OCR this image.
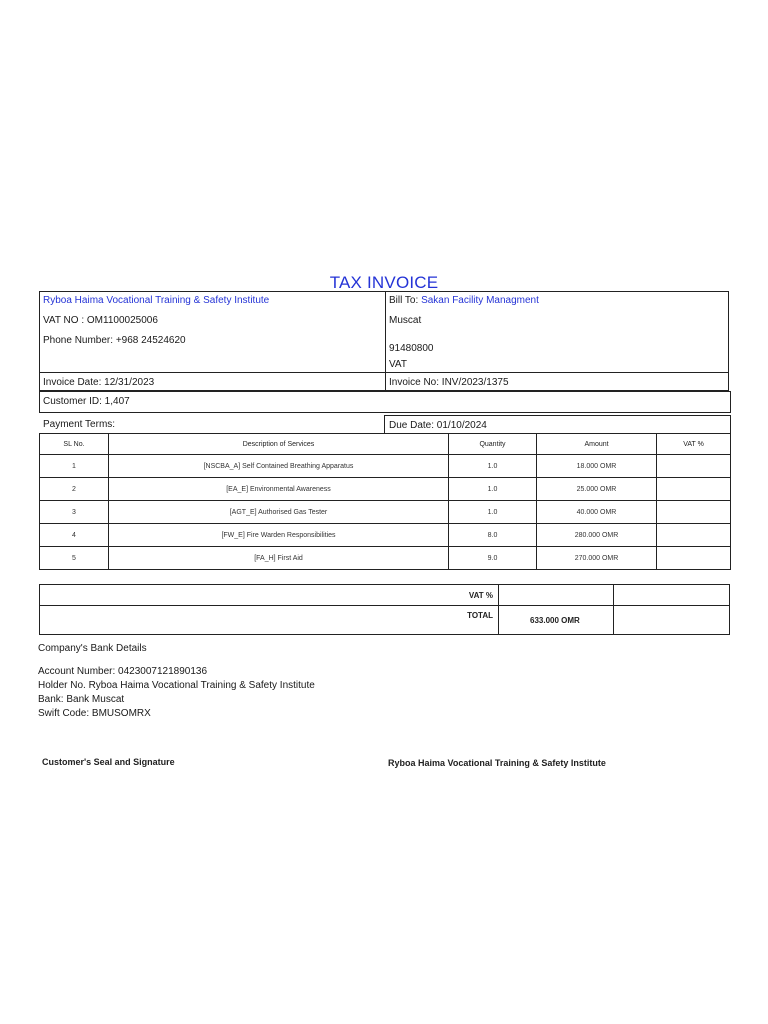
TAX INVOICE
Ryboa Haima Vocational Training & Safety Institute
VAT NO : OM1100025006
Phone Number: +968 24524620
Bill To: Sakan Facility Managment
Muscat
91480800
VAT
Invoice Date: 12/31/2023	Invoice No: INV/2023/1375
Customer ID: 1,407
Payment Terms:	Due Date: 01/10/2024
SL No.	Description of Services	Quantity	Amount	VAT %
1	[NSCBA_A] Self Contained Breathing Apparatus	1.0	18.000 OMR	
2	[EA_E] Environmental Awareness	1.0	25.000 OMR	
3	[AGT_E] Authorised Gas Tester	1.0	40.000 OMR	
4	[FW_E] Fire Warden Responsibilities	8.0	280.000 OMR	
5	[FA_H] First Aid	9.0	270.000 OMR	
VAT %		
TOTAL	633.000 OMR	
Company's Bank Details
Account Number: 0423007121890136
Holder No. Ryboa Haima Vocational Training & Safety Institute
Bank: Bank Muscat
Swift Code: BMUSOMRX
Customer's Seal and Signature	Ryboa Haima Vocational Training & Safety Institute
